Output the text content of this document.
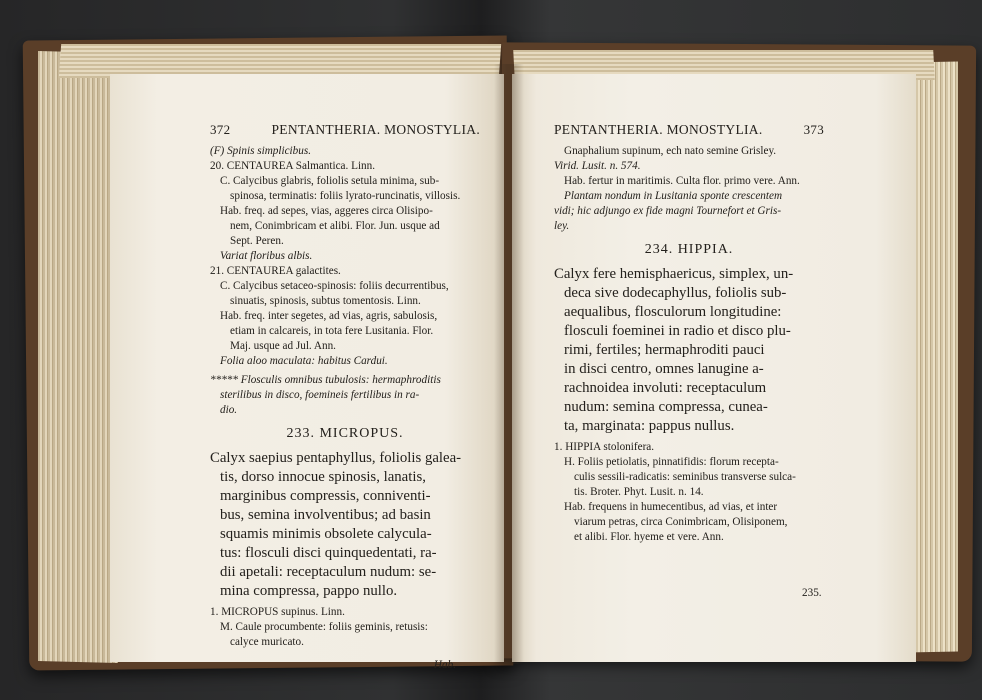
372	PENTANTHERIA. MONOSTYLIA.
(F) Spinis simplicibus.
20. CENTAUREA Salmantica. Linn.
C. Calycibus glabris, foliolis setula minima, sub-
spinosa, terminatis: foliis lyrato-runcinatis, villosis.
Hab. freq. ad sepes, vias, aggeres circa Olisipo-
nem, Conimbricam et alibi. Flor. Jun. usque ad
Sept. Peren.
Variat floribus albis.
21. CENTAUREA galactites.
C. Calycibus setaceo-spinosis: foliis decurrentibus,
sinuatis, spinosis, subtus tomentosis. Linn.
Hab. freq. inter segetes, ad vias, agris, sabulosis,
etiam in calcareis, in tota fere Lusitania. Flor.
Maj. usque ad Jul. Ann.
Folia aloo maculata: habitus Cardui.
***** Flosculis omnibus tubulosis: hermaphroditis
sterilibus in disco, foemineis fertilibus in ra-
dio.
233. MICROPUS.
Calyx saepius pentaphyllus, foliolis galea-
tis, dorso innocue spinosis, lanatis,
marginibus compressis, conniventi-
bus, semina involventibus; ad basin
squamis minimis obsolete calycula-
tus: flosculi disci quinquedentati, ra-
dii apetali: receptaculum nudum: se-
mina compressa, pappo nullo.
1. MICROPUS supinus. Linn.
M. Caule procumbente: foliis geminis, retusis:
calyce muricato.
Hab.
PENTANTHERIA. MONOSTYLIA.	373
Gnaphalium supinum, ech nato semine Grisley.
Virid. Lusit. n. 574.
Hab. fertur in maritimis. Culta flor. primo vere. Ann.
Plantam nondum in Lusitania sponte crescentem
vidi; hic adjungo ex fide magni Tournefort et Gris-
ley.
234. HIPPIA.
Calyx fere hemisphaericus, simplex, un-
decа sive dodecaphyllus, foliolis sub-
aequalibus, flosculorum longitudine:
flosculi foeminei in radio et disco plu-
rimi, fertiles; hermaphroditi pauci
in disci centro, omnes lanugine a-
rachnoidea involuti: receptaculum
nudum: semina compressa, cunea-
ta, marginata: pappus nullus.
1. HIPPIA stolonifera.
H. Foliis petiolatis, pinnatifidis: florum recepta-
culis sessili-radicatis: seminibus transverse sulca-
tis. Broter. Phyt. Lusit. n. 14.
Hab. frequens in humecentibus, ad vias, et inter
viarum petras, circa Conimbricam, Olisiponem,
et alibi. Flor. hyeme et vere. Ann.
235.
